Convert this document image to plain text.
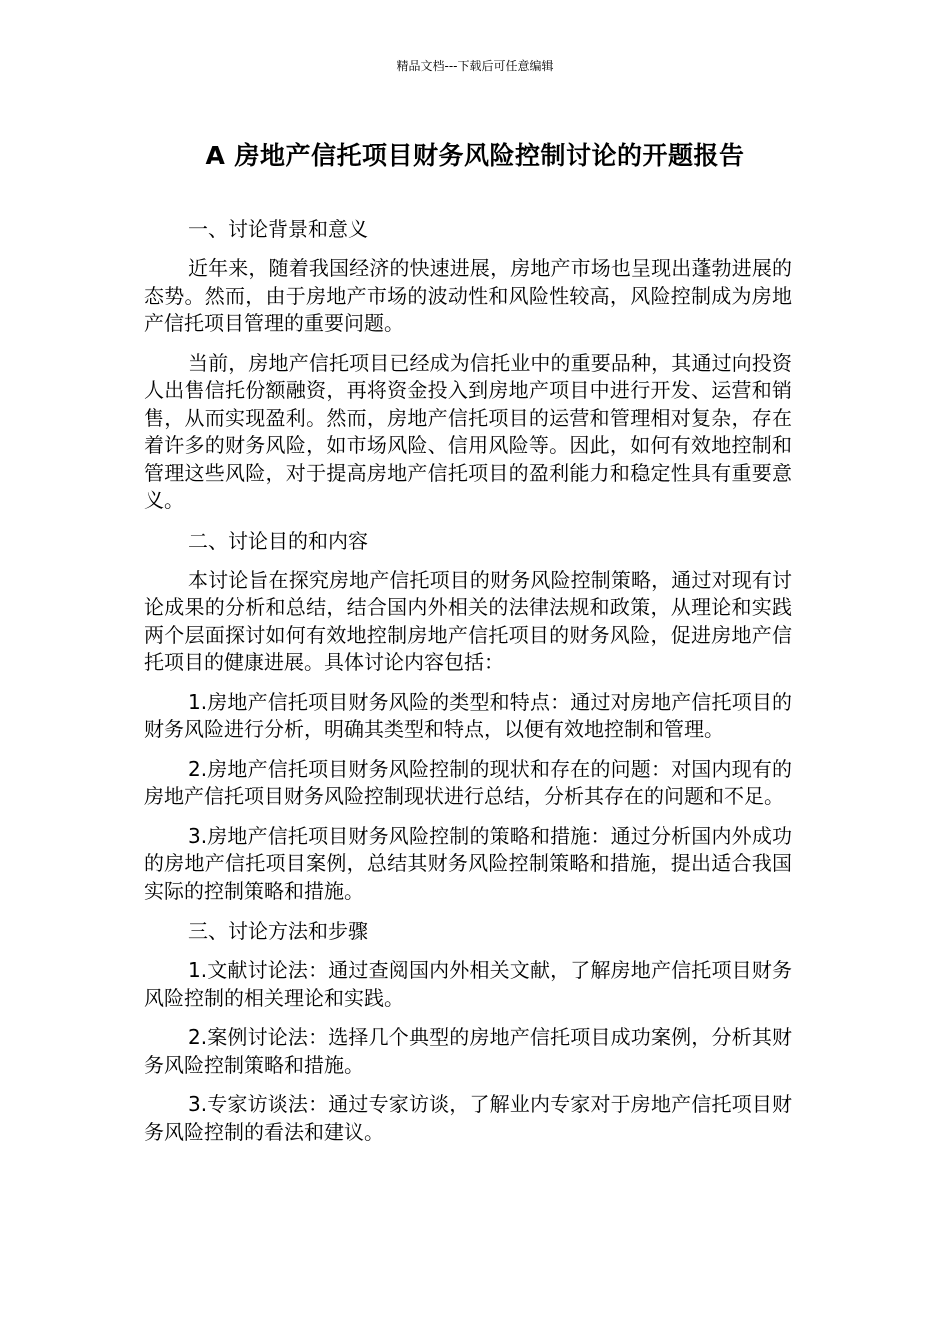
精品文档---下载后可任意编辑
A 房地产信托项目财务风险控制讨论的开题报告

一、讨论背景和意义

近年来，随着我国经济的快速进展，房地产市场也呈现出蓬勃进展的态势。然而，由于房地产市场的波动性和风险性较高，风险控制成为房地产信托项目管理的重要问题。

当前，房地产信托项目已经成为信托业中的重要品种，其通过向投资人出售信托份额融资，再将资金投入到房地产项目中进行开发、运营和销售，从而实现盈利。然而，房地产信托项目的运营和管理相对复杂，存在着许多的财务风险，如市场风险、信用风险等。因此，如何有效地控制和管理这些风险，对于提高房地产信托项目的盈利能力和稳定性具有重要意义。

二、讨论目的和内容

本讨论旨在探究房地产信托项目的财务风险控制策略，通过对现有讨论成果的分析和总结，结合国内外相关的法律法规和政策，从理论和实践两个层面探讨如何有效地控制房地产信托项目的财务风险，促进房地产信托项目的健康进展。具体讨论内容包括：

1.房地产信托项目财务风险的类型和特点：通过对房地产信托项目的财务风险进行分析，明确其类型和特点，以便有效地控制和管理。

2.房地产信托项目财务风险控制的现状和存在的问题：对国内现有的房地产信托项目财务风险控制现状进行总结，分析其存在的问题和不足。

3.房地产信托项目财务风险控制的策略和措施：通过分析国内外成功的房地产信托项目案例，总结其财务风险控制策略和措施，提出适合我国实际的控制策略和措施。

三、讨论方法和步骤

1.文献讨论法：通过查阅国内外相关文献，了解房地产信托项目财务风险控制的相关理论和实践。

2.案例讨论法：选择几个典型的房地产信托项目成功案例，分析其财务风险控制策略和措施。

3.专家访谈法：通过专家访谈，了解业内专家对于房地产信托项目财务风险控制的看法和建议。
